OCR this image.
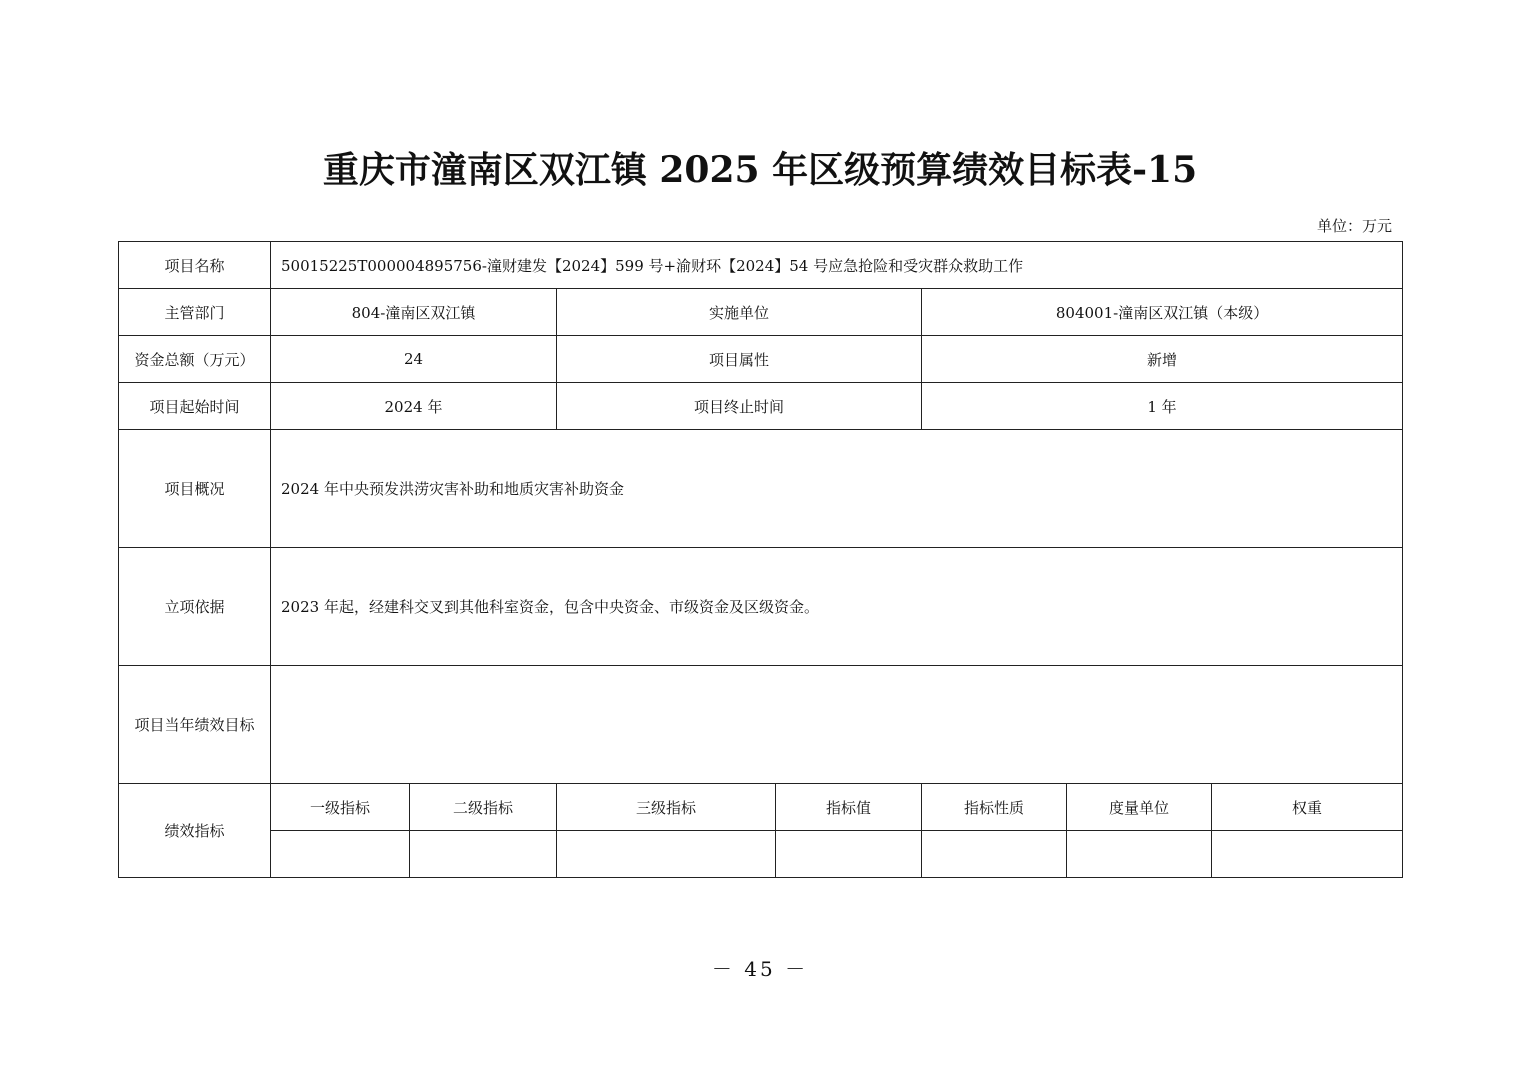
重庆市潼南区双江镇 2025 年区级预算绩效目标表-15
单位：万元
项目名称	50015225T000004895756-潼财建发【2024】599 号+渝财环【2024】54 号应急抢险和受灾群众救助工作						
主管部门	804-潼南区双江镇		实施单位		804001-潼南区双江镇（本级）		
资金总额（万元）	24		项目属性		新增		
项目起始时间	2024 年		项目终止时间		1 年		
项目概况	2024 年中央预发洪涝灾害补助和地质灾害补助资金						
立项依据	2023 年起，经建科交叉到其他科室资金，包含中央资金、市级资金及区级资金。						
项目当年绩效目标							
绩效指标	一级指标	二级指标	三级指标	指标值	指标性质	度量单位	权重

－ 45 －
